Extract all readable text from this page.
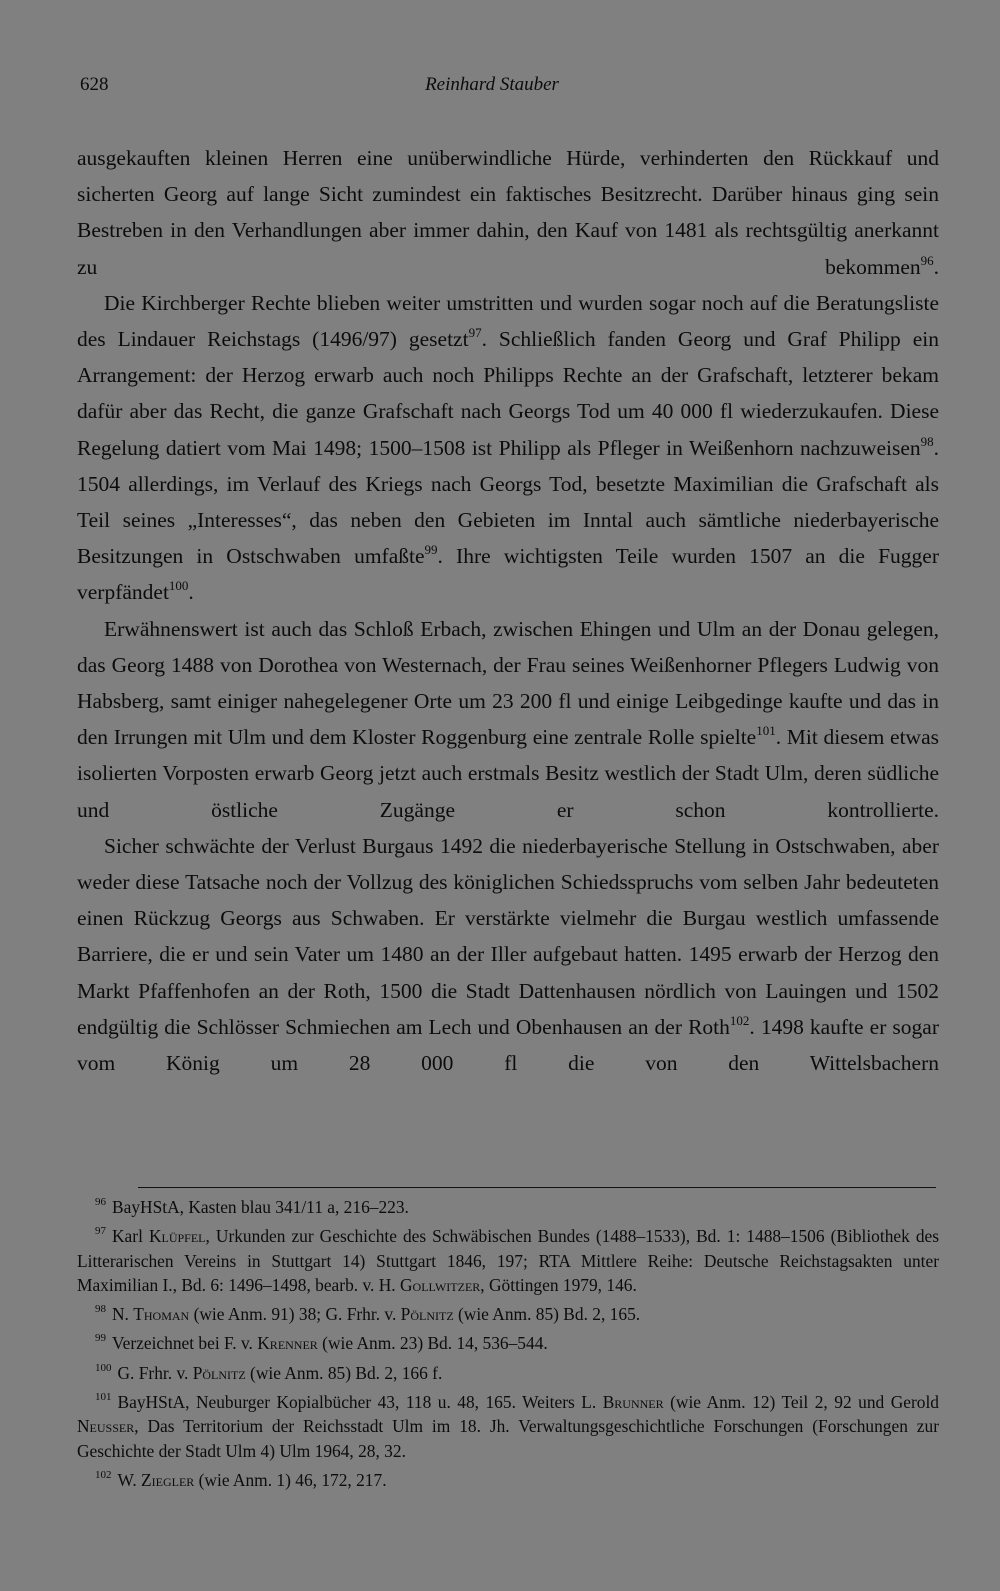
628	Reinhard Stauber

ausgekauften kleinen Herren eine unüberwindliche Hürde, verhinderten den Rückkauf und sicherten Georg auf lange Sicht zumindest ein faktisches Besitzrecht. Darüber hinaus ging sein Bestreben in den Verhandlungen aber immer dahin, den Kauf von 1481 als rechtsgültig anerkannt zu bekommen$^{96}$.

Die Kirchberger Rechte blieben weiter umstritten und wurden sogar noch auf die Beratungsliste des Lindauer Reichstags (1496/97) gesetzt$^{97}$. Schließlich fanden Georg und Graf Philipp ein Arrangement: der Herzog erwarb auch noch Philipps Rechte an der Grafschaft, letzterer bekam dafür aber das Recht, die ganze Grafschaft nach Georgs Tod um 40 000 fl wiederzukaufen. Diese Regelung datiert vom Mai 1498; 1500–1508 ist Philipp als Pfleger in Weißenhorn nachzuweisen$^{98}$. 1504 allerdings, im Verlauf des Kriegs nach Georgs Tod, besetzte Maximilian die Grafschaft als Teil seines „Interesses“, das neben den Gebieten im Inntal auch sämtliche niederbayerische Besitzungen in Ostschwaben umfaßte$^{99}$. Ihre wichtigsten Teile wurden 1507 an die Fugger verpfändet$^{100}$.

Erwähnenswert ist auch das Schloß Erbach, zwischen Ehingen und Ulm an der Donau gelegen, das Georg 1488 von Dorothea von Westernach, der Frau seines Weißenhorner Pflegers Ludwig von Habsberg, samt einiger nahegelegener Orte um 23 200 fl und einige Leibgedinge kaufte und das in den Irrungen mit Ulm und dem Kloster Roggenburg eine zentrale Rolle spielte$^{101}$. Mit diesem etwas isolierten Vorposten erwarb Georg jetzt auch erstmals Besitz westlich der Stadt Ulm, deren südliche und östliche Zugänge er schon kontrollierte.

Sicher schwächte der Verlust Burgaus 1492 die niederbayerische Stellung in Ostschwaben, aber weder diese Tatsache noch der Vollzug des königlichen Schiedsspruchs vom selben Jahr bedeuteten einen Rückzug Georgs aus Schwaben. Er verstärkte vielmehr die Burgau westlich umfassende Barriere, die er und sein Vater um 1480 an der Iller aufgebaut hatten. 1495 erwarb der Herzog den Markt Pfaffenhofen an der Roth, 1500 die Stadt Dattenhausen nördlich von Lauingen und 1502 endgültig die Schlösser Schmiechen am Lech und Obenhausen an der Roth$^{102}$. 1498 kaufte er sogar vom König um 28 000 fl die von den Wittelsbachern

$^{96}$ BayHStA, Kasten blau 341/11 a, 216–223.

$^{97}$ Karl Klüpfel, Urkunden zur Geschichte des Schwäbischen Bundes (1488–1533), Bd. 1: 1488–1506 (Bibliothek des Litterarischen Vereins in Stuttgart 14) Stuttgart 1846, 197; RTA Mittlere Reihe: Deutsche Reichstagsakten unter Maximilian I., Bd. 6: 1496–1498, bearb. v. H. Gollwitzer, Göttingen 1979, 146.

$^{98}$ N. Thoman (wie Anm. 91) 38; G. Frhr. v. Pölnitz (wie Anm. 85) Bd. 2, 165.

$^{99}$ Verzeichnet bei F. v. Krenner (wie Anm. 23) Bd. 14, 536–544.

$^{100}$ G. Frhr. v. Pölnitz (wie Anm. 85) Bd. 2, 166 f.

$^{101}$ BayHStA, Neuburger Kopialbücher 43, 118 u. 48, 165. Weiters L. Brunner (wie Anm. 12) Teil 2, 92 und Gerold Neusser, Das Territorium der Reichsstadt Ulm im 18. Jh. Verwaltungsgeschichtliche Forschungen (Forschungen zur Geschichte der Stadt Ulm 4) Ulm 1964, 28, 32.

$^{102}$ W. Ziegler (wie Anm. 1) 46, 172, 217.
